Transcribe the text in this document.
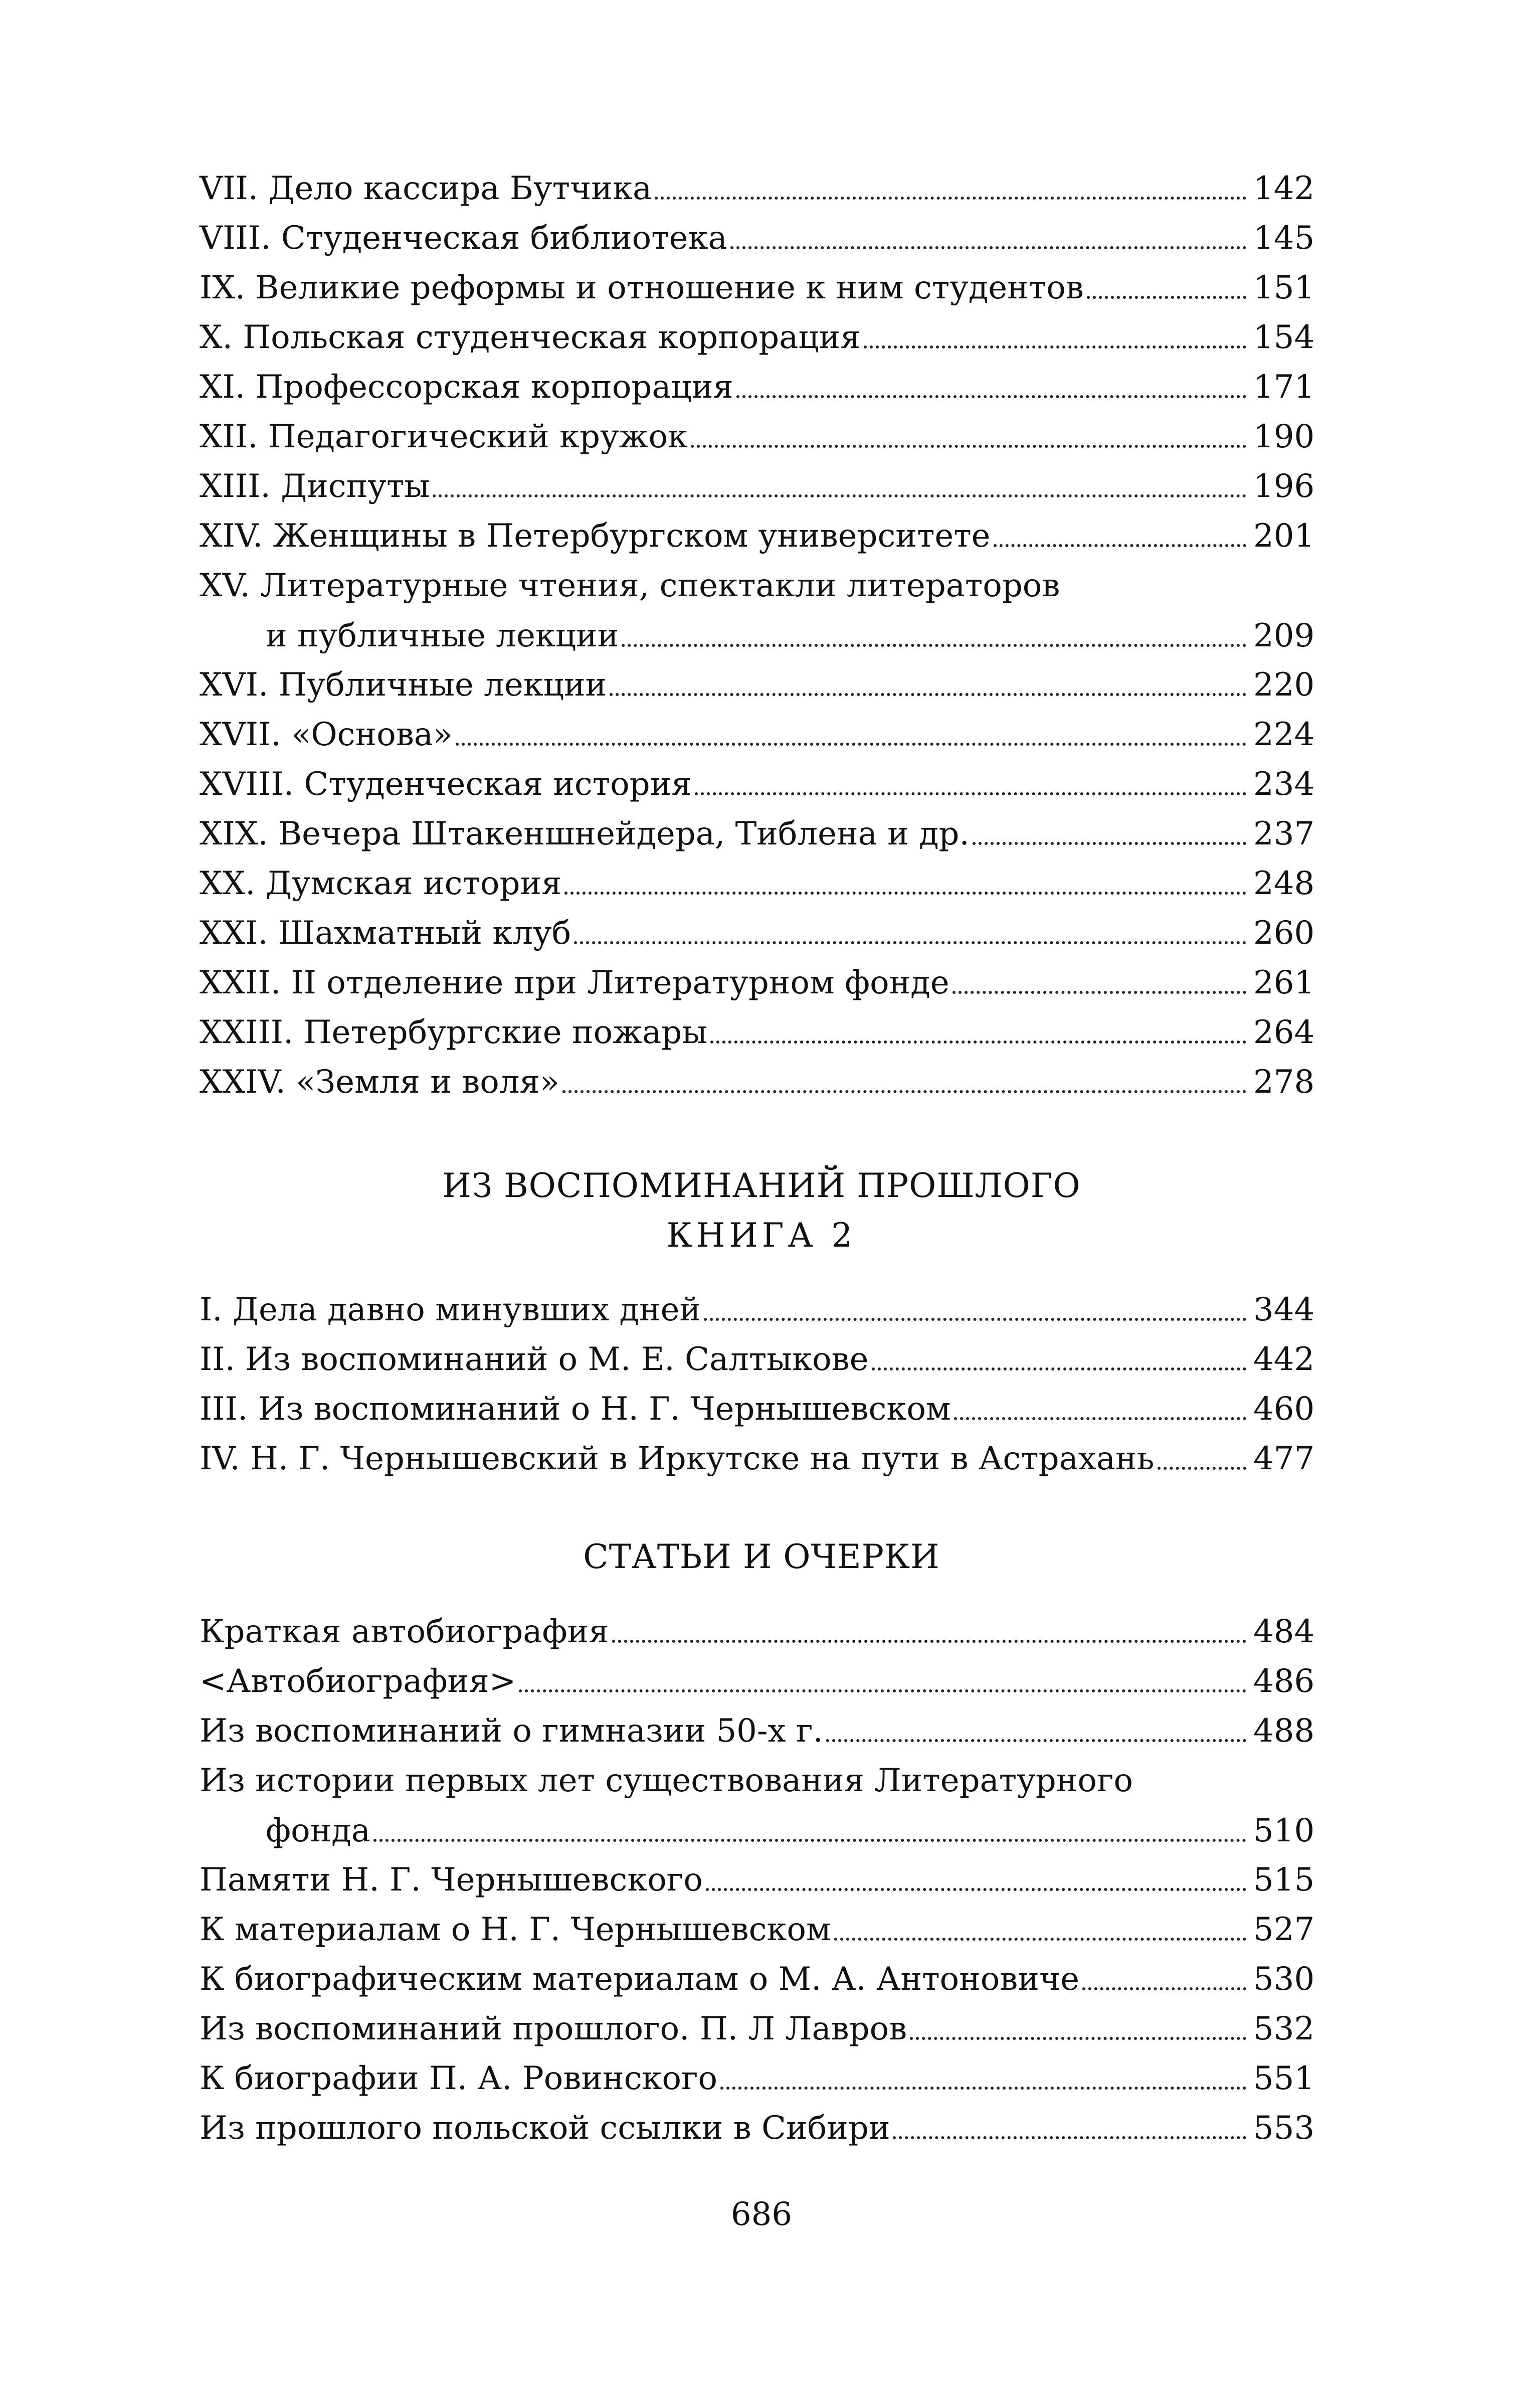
VII. Дело кассира Бутчика	142
VIII. Студенческая библиотека	145
IX. Великие реформы и отношение к ним студентов	151
X. Польская студенческая корпорация	154
XI. Профессорская корпорация	171
XII. Педагогический кружок	190
XIII. Диспуты	196
XIV. Женщины в Петербургском университете	201
XV. Литературные чтения, спектакли литераторов
и публичные лекции	209
XVI. Публичные лекции	220
XVII. «Основа»	224
XVIII. Студенческая история	234
XIX. Вечера Штакеншнейдера, Тиблена и др.	237
XX. Думская история	248
XXI. Шахматный клуб	260
XXII. II отделение при Литературном фонде	261
XXIII. Петербургские пожары	264
XXIV. «Земля и воля»	278
ИЗ ВОСПОМИНАНИЙ ПРОШЛОГО
КНИГА 2
I. Дела давно минувших дней	344
II. Из воспоминаний о М. Е. Салтыкове	442
III. Из воспоминаний о Н. Г. Чернышевском	460
IV. Н. Г. Чернышевский в Иркутске на пути в Астрахань	477
СТАТЬИ И ОЧЕРКИ
Краткая автобиография	484
<Автобиография>	486
Из воспоминаний о гимназии 50-х г.	488
Из истории первых лет существования Литературного
фонда	510
Памяти Н. Г. Чернышевского	515
К материалам о Н. Г. Чернышевском	527
К биографическим материалам о М. А. Антоновиче	530
Из воспоминаний прошлого. П. Л Лавров	532
К биографии П. А. Ровинского	551
Из прошлого польской ссылки в Сибири	553
686
